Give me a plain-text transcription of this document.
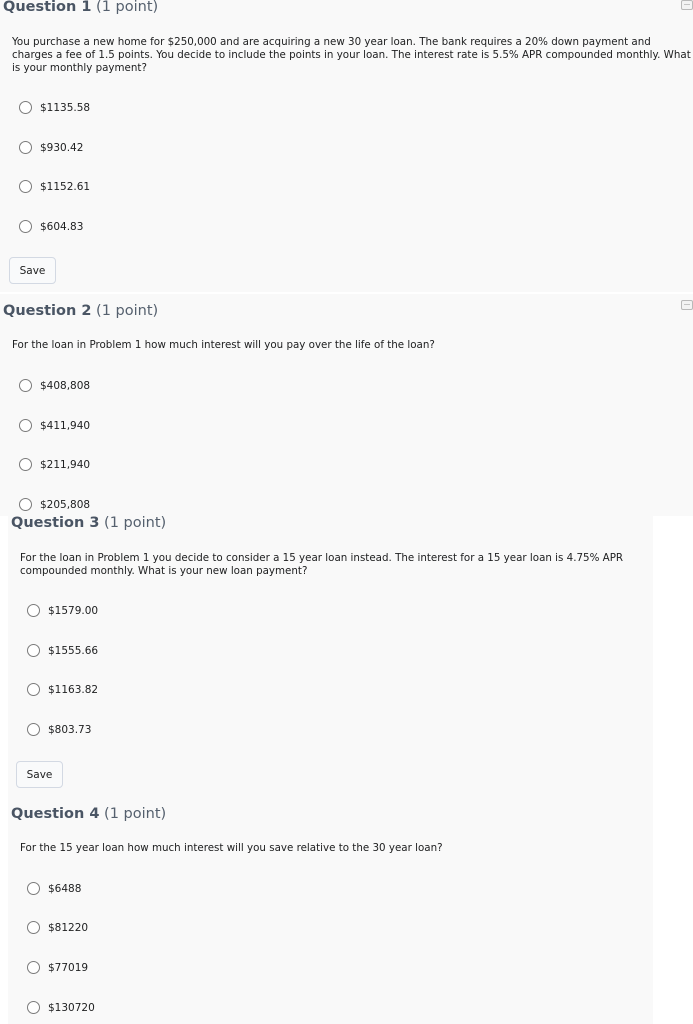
Question 1 (1 point)
You purchase a new home for $250,000 and are acquiring a new 30 year loan. The bank requires a 20% down payment and charges a fee of 1.5 points. You decide to include the points in your loan. The interest rate is 5.5% APR compounded monthly. What is your monthly payment?
$1135.58
$930.42
$1152.61
$604.83
Save
Question 2 (1 point)
For the loan in Problem 1 how much interest will you pay over the life of the loan?
$408,808
$411,940
$211,940
$205,808
Question 3 (1 point)
For the loan in Problem 1 you decide to consider a 15 year loan instead. The interest for a 15 year loan is 4.75% APR compounded monthly. What is your new loan payment?
$1579.00
$1555.66
$1163.82
$803.73
Save
Question 4 (1 point)
For the 15 year loan how much interest will you save relative to the 30 year loan?
$6488
$81220
$77019
$130720
